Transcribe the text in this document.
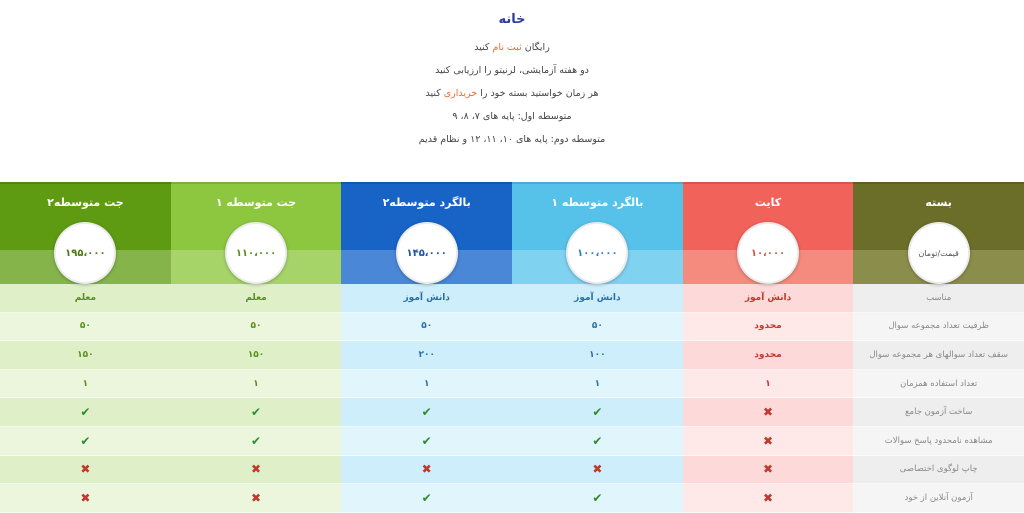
خانه
رایگان ثبت نام کنید
دو هفته آزمایشی، لرنیتو را ارزیابی کنید
هر زمان خواستید بسته خود را خریداری کنید
متوسطه اول: پایه های ۷، ۸، ۹
متوسطه دوم: پایه های ۱۰، ۱۱، ۱۲ و نظام قدیم
بسته
قیمت/تومان
مناسب
ظرفیت تعداد مجموعه سوال
سقف تعداد سوالهای هر مجموعه سوال
تعداد استفاده همزمان
ساخت آزمون جامع
مشاهده نامحدود پاسخ سوالات
چاپ لوگوی اختصاصی
آزمون آنلاین از خود
کایت
۱۰،۰۰۰
دانش آموز
محدود
محدود
۱
✖
✖
✖
✖
بالگرد متوسطه ۱
۱۰۰،۰۰۰
دانش آموز
۵۰
۱۰۰
۱
✔
✔
✖
✔
بالگرد متوسطه۲
۱۴۵،۰۰۰
دانش آموز
۵۰
۲۰۰
۱
✔
✔
✖
✔
جت متوسطه ۱
۱۱۰،۰۰۰
معلم
۵۰
۱۵۰
۱
✔
✔
✖
✖
جت متوسطه۲
۱۹۵،۰۰۰
معلم
۵۰
۱۵۰
۱
✔
✔
✖
✖
